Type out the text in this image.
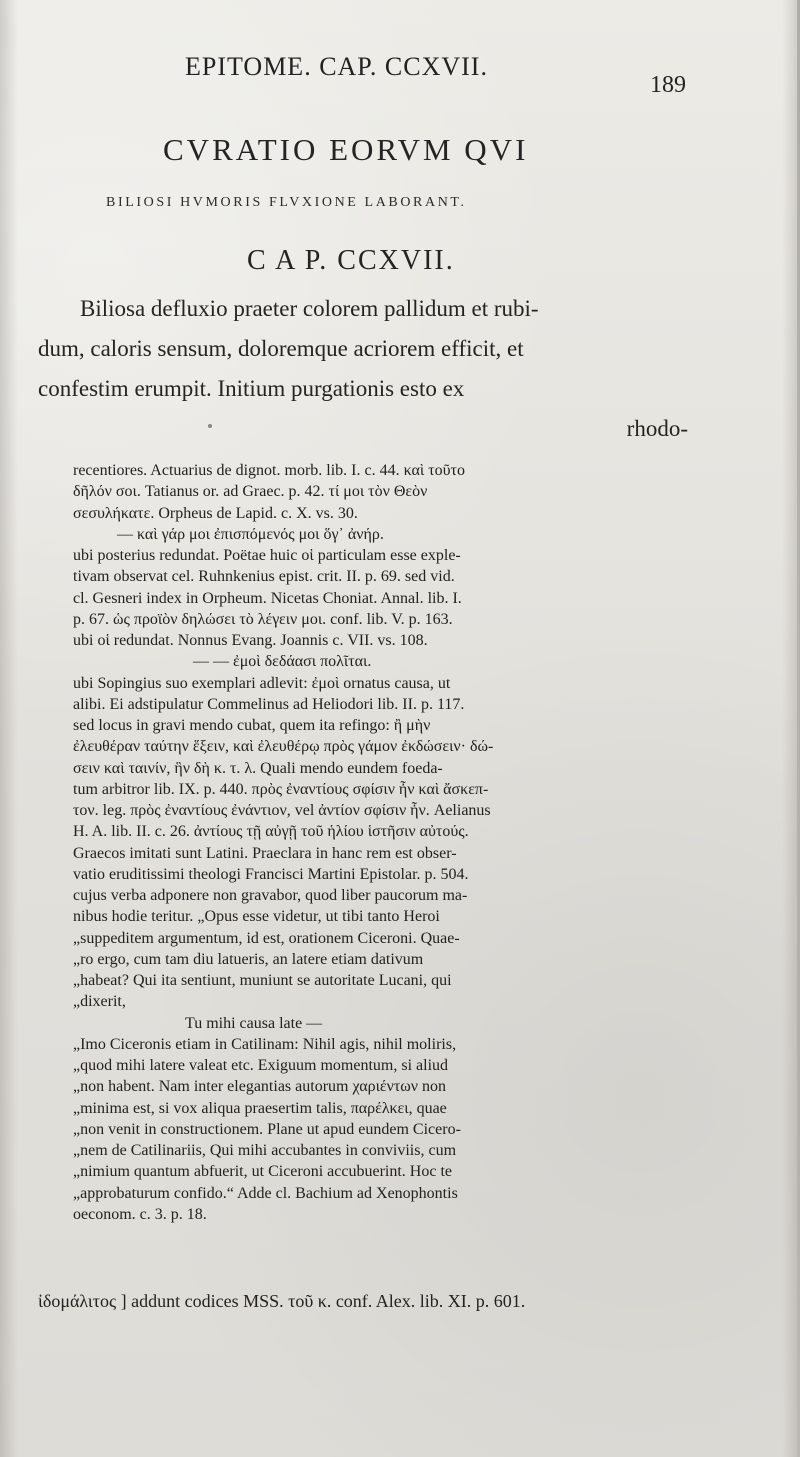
EPITOME. CAP. CCXVII.
189
CVRATIO EORVM QVI
BILIOSI HVMORIS FLVXIONE LABORANT.
C A P. CCXVII.
Biliosa defluxio praeter colorem pallidum et rubi-
dum, caloris sensum, doloremque acriorem efficit, et
confestim erumpit. Initium purgationis esto ex
rhodo-
recentiores. Actuarius de dignot. morb. lib. I. c. 44. καὶ τοῦτο
δῆλόν σοι. Tatianus or. ad Graec. p. 42. τί μοι τὸν Θεὸν
σεσυλήκατε. Orpheus de Lapid. c. X. vs. 30.
— καὶ γάρ μοι ἐπισπόμενός μοι ὅγ᾽ ἀνήρ.
ubi posterius redundat. Poëtae huic οἱ particulam esse exple-
tivam observat cel. Ruhnkenius epist. crit. II. p. 69. sed vid.
cl. Gesneri index in Orpheum. Nicetas Choniat. Annal. lib. I.
p. 67. ὡς προϊὸν δηλώσει τὸ λέγειν μοι. conf. lib. V. p. 163.
ubi οἱ redundat. Nonnus Evang. Joannis c. VII. vs. 108.
— — ἐμοὶ δεδάασι πολῖται.
ubi Sopingius suo exemplari adlevit: ἐμοὶ ornatus causa, ut
alibi. Ei adstipulatur Commelinus ad Heliodori lib. II. p. 117.
sed locus in gravi mendo cubat, quem ita refingo: ἢ μὴν
ἐλευθέραν ταύτην ἕξειν, καὶ ἐλευθέρῳ πρὸς γάμον ἐκδώσειν· δώ-
σειν καὶ ταινίν, ἣν δὴ κ. τ. λ. Quali mendo eundem foeda-
tum arbitror lib. IX. p. 440. πρὸς ἐναντίους σφίσιν ἦν καὶ ἄσκεπ-
τον. leg. πρὸς ἐναντίους ἐνάντιον, vel ἀντίον σφίσιν ἦν. Aelianus
H. A. lib. II. c. 26. ἀντίους τῇ αὐγῇ τοῦ ἡλίου ἱστῆσιν αὐτούς.
Graecos imitati sunt Latini. Praeclara in hanc rem est obser-
vatio eruditissimi theologi Francisci Martini Epistolar. p. 504.
cujus verba adponere non gravabor, quod liber paucorum ma-
nibus hodie teritur. „Opus esse videtur, ut tibi tanto Heroi
„suppeditem argumentum, id est, orationem Ciceroni. Quae-
„ro ergo, cum tam diu latueris, an latere etiam dativum
„habeat? Qui ita sentiunt, muniunt se autoritate Lucani, qui
„dixerit,
Tu mihi causa late —
„Imo Ciceronis etiam in Catilinam: Nihil agis, nihil moliris,
„quod mihi latere valeat etc. Exiguum momentum, si aliud
„non habent. Nam inter elegantias autorum χαριέντων non
„minima est, si vox aliqua praesertim talis, παρέλκει, quae
„non venit in constructionem. Plane ut apud eundem Cicero-
„nem de Catilinariis, Qui mihi accubantes in conviviis, cum
„nimium quantum abfuerit, ut Ciceroni accubuerint. Hoc te
„approbaturum confido.“ Adde cl. Bachium ad Xenophontis
oeconom. c. 3. p. 18.
ἰδομάλιτος ] addunt codices MSS. τοῦ κ. conf. Alex. lib. XI. p. 601.
